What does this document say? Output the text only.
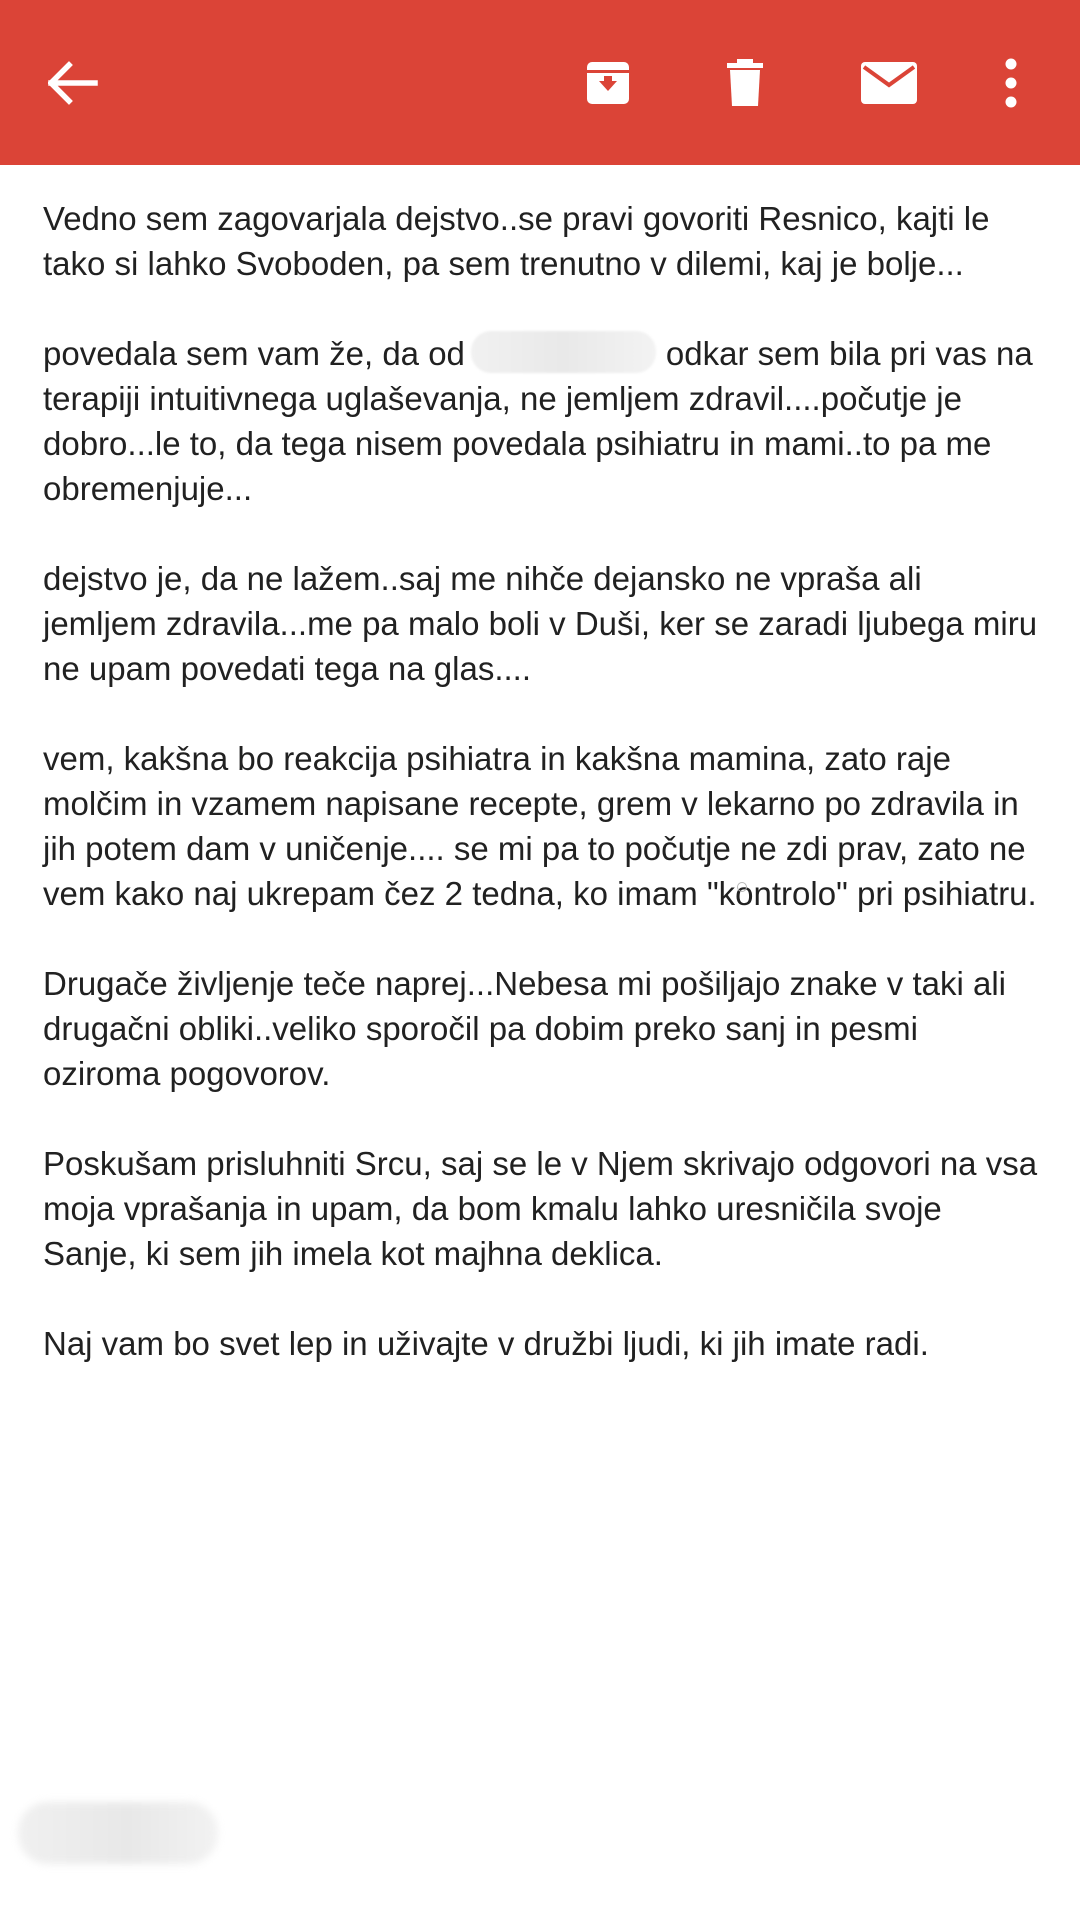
Vedno sem zagovarjala dejstvo..se pravi govoriti Resnico, kajti le tako si lahko Svoboden, pa sem trenutno v dilemi, kaj je bolje...

povedala sem vam že, da od	odkar sem bila pri vas na terapiji intuitivnega uglaševanja, ne jemljem zdravil....počutje je dobro...le to, da tega nisem povedala psihiatru in mami..to pa me obremenjuje...

dejstvo je, da ne lažem..saj me nihče dejansko ne vpraša ali jemljem zdravila...me pa malo boli v Duši, ker se zaradi ljubega miru ne upam povedati tega na glas....

vem, kakšna bo reakcija psihiatra in kakšna mamina, zato raje molčim in vzamem napisane recepte, grem v lekarno po zdravila in jih potem dam v uničenje.... se mi pa to počutje ne zdi prav, zato ne vem kako naj ukrepam čez 2 tedna, ko imam "kontrolo" pri psihiatru.

Drugače življenje teče naprej...Nebesa mi pošiljajo znake v taki ali drugačni obliki..veliko sporočil pa dobim preko sanj in pesmi oziroma pogovorov.

Poskušam prisluhniti Srcu, saj se le v Njem skrivajo odgovori na vsa moja vprašanja in upam, da bom kmalu lahko uresničila svoje Sanje, ki sem jih imela kot majhna deklica.

Naj vam bo svet lep in uživajte v družbi ljudi, ki jih imate radi.
